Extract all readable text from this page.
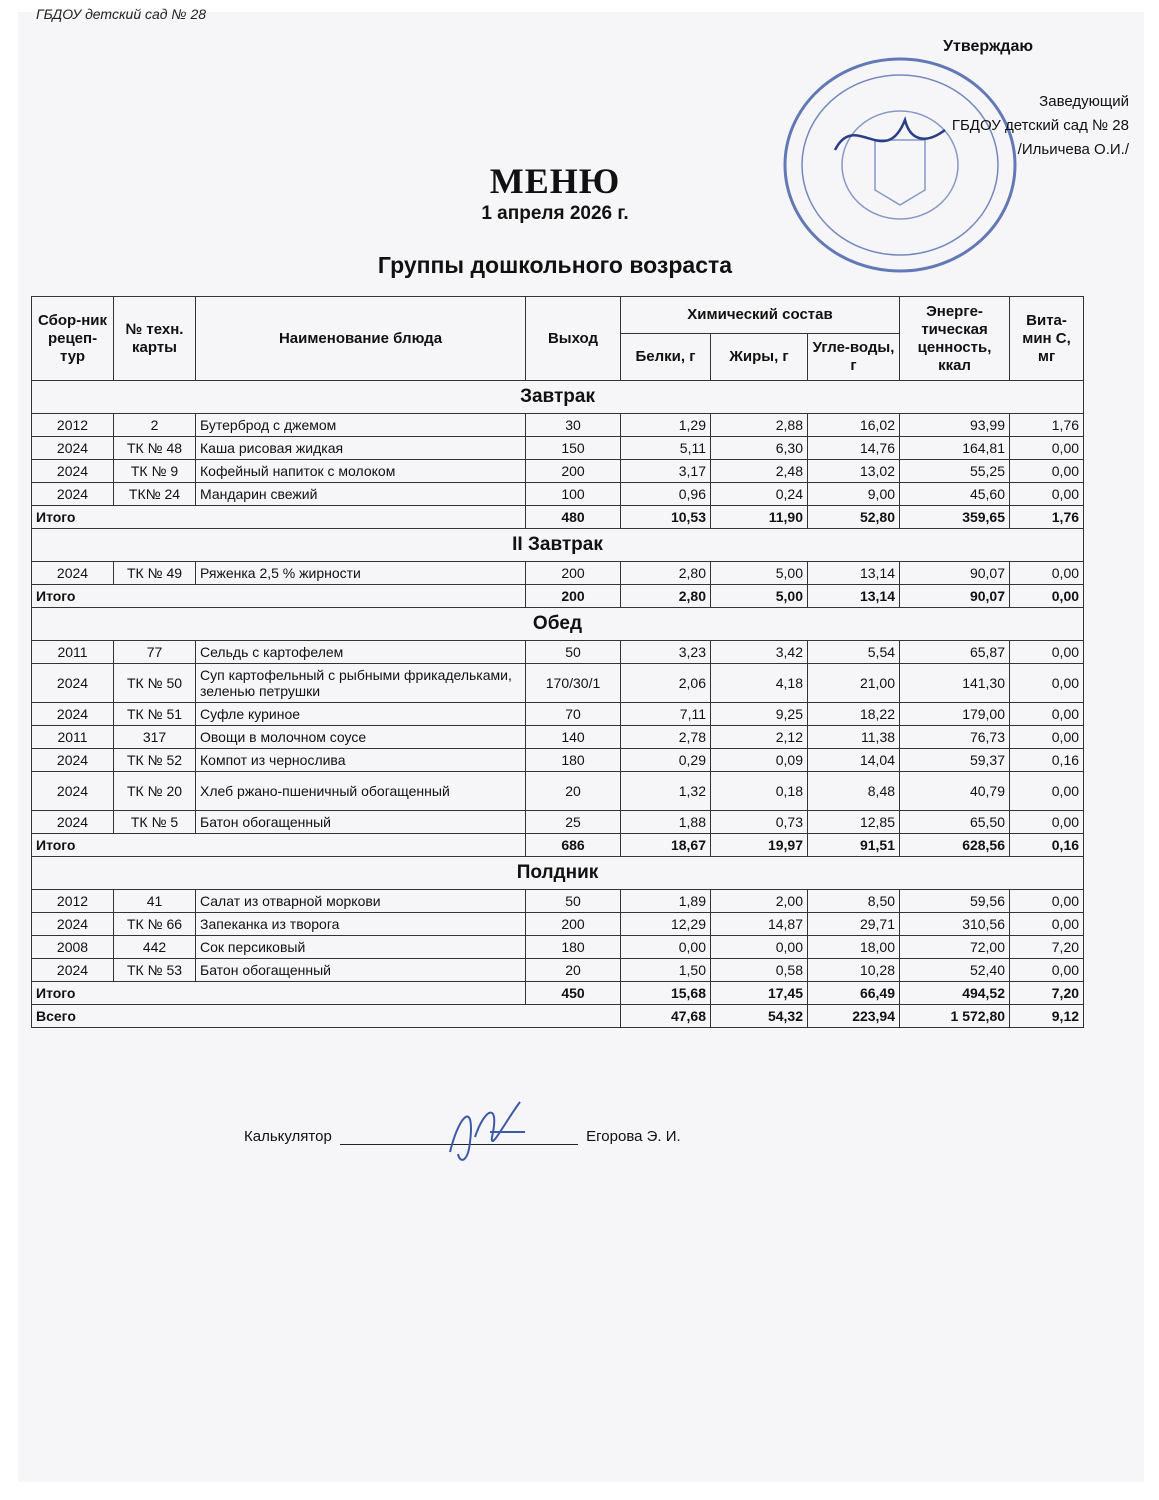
ГБДОУ детский сад № 28
Утверждаю
Заведующий
ГБДОУ детский сад № 28
/Ильичева О.И./
МЕНЮ
1 апреля 2026 г.
Группы дошкольного возраста
Сбор-ник рецеп-тур	№ техн. карты	Наименование блюда	Выход	Химический состав			Энерге-тическая ценность, ккал	Вита-мин С, мг
				Белки, г	Жиры, г	Угле-воды, г		
Завтрак								
2012	2	Бутерброд с джемом	30	1,29	2,88	16,02	93,99	1,76
2024	ТК № 48	Каша рисовая жидкая	150	5,11	6,30	14,76	164,81	0,00
2024	ТК № 9	Кофейный напиток с молоком	200	3,17	2,48	13,02	55,25	0,00
2024	ТК№ 24	Мандарин свежий	100	0,96	0,24	9,00	45,60	0,00
Итого			480	10,53	11,90	52,80	359,65	1,76
II Завтрак								
2024	ТК № 49	Ряженка 2,5 % жирности	200	2,80	5,00	13,14	90,07	0,00
Итого			200	2,80	5,00	13,14	90,07	0,00
Обед								
2011	77	Сельдь с картофелем	50	3,23	3,42	5,54	65,87	0,00
2024	ТК № 50	Суп картофельный с рыбными фрикадельками, зеленью петрушки	170/30/1	2,06	4,18	21,00	141,30	0,00
2024	ТК № 51	Суфле куриное	70	7,11	9,25	18,22	179,00	0,00
2011	317	Овощи в молочном соусе	140	2,78	2,12	11,38	76,73	0,00
2024	ТК № 52	Компот из чернослива	180	0,29	0,09	14,04	59,37	0,16
2024	ТК № 20	Хлеб ржано-пшеничный обогащенный	20	1,32	0,18	8,48	40,79	0,00
2024	ТК № 5	Батон обогащенный	25	1,88	0,73	12,85	65,50	0,00
Итого			686	18,67	19,97	91,51	628,56	0,16
Полдник								
2012	41	Салат из отварной моркови	50	1,89	2,00	8,50	59,56	0,00
2024	ТК № 66	Запеканка из творога	200	12,29	14,87	29,71	310,56	0,00
2008	442	Сок персиковый	180	0,00	0,00	18,00	72,00	7,20
2024	ТК № 53	Батон обогащенный	20	1,50	0,58	10,28	52,40	0,00
Итого			450	15,68	17,45	66,49	494,52	7,20
Всего				47,68	54,32	223,94	1 572,80	9,12
Калькулятор	Егорова Э. И.
